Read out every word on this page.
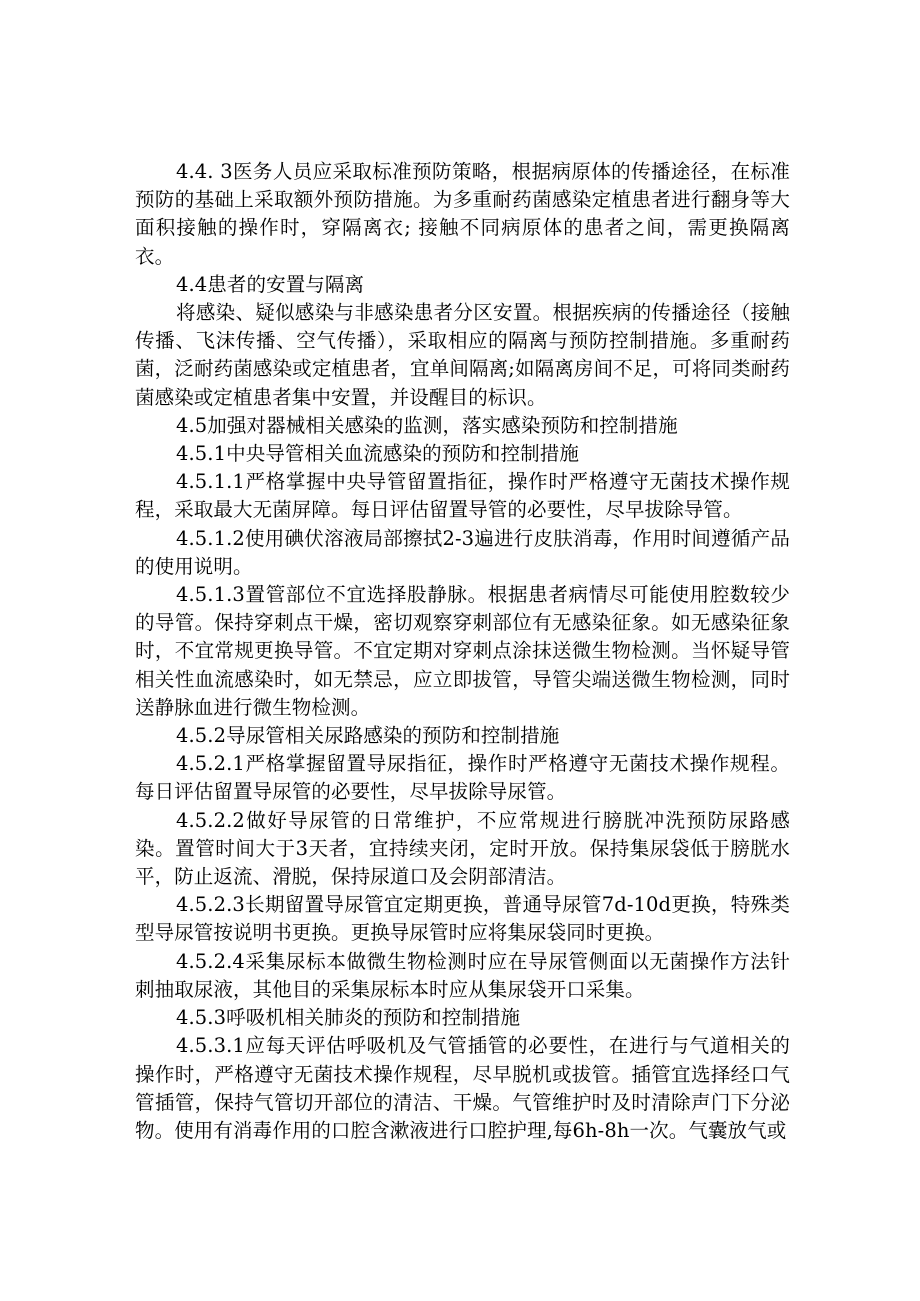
4.4. 3医务人员应采取标准预防策略，根据病原体的传播途径，在标准预防的基础上采取额外预防措施。为多重耐药菌感染定植患者进行翻身等大面积接触的操作时，穿隔离衣; 接触不同病原体的患者之间，需更换隔离衣。

4.4患者的安置与隔离

将感染、疑似感染与非感染患者分区安置。根据疾病的传播途径（接触传播、飞沫传播、空气传播），采取相应的隔离与预防控制措施。多重耐药菌，泛耐药菌感染或定植患者，宜单间隔离;如隔离房间不足，可将同类耐药菌感染或定植患者集中安置，并设醒目的标识。

4.5加强对器械相关感染的监测，落实感染预防和控制措施

4.5.1中央导管相关血流感染的预防和控制措施

4.5.1.1严格掌握中央导管留置指征，操作时严格遵守无菌技术操作规程，采取最大无菌屏障。每日评估留置导管的必要性，尽早拔除导管。

4.5.1.2使用碘伏溶液局部擦拭2-3遍进行皮肤消毒，作用时间遵循产品的使用说明。

4.5.1.3置管部位不宜选择股静脉。根据患者病情尽可能使用腔数较少的导管。保持穿刺点干燥，密切观察穿刺部位有无感染征象。如无感染征象时，不宜常规更换导管。不宜定期对穿刺点涂抹送微生物检测。当怀疑导管相关性血流感染时，如无禁忌，应立即拔管，导管尖端送微生物检测，同时送静脉血进行微生物检测。

4.5.2导尿管相关尿路感染的预防和控制措施

4.5.2.1严格掌握留置导尿指征，操作时严格遵守无菌技术操作规程。每日评估留置导尿管的必要性，尽早拔除导尿管。

4.5.2.2做好导尿管的日常维护，不应常规进行膀胱冲洗预防尿路感染。置管时间大于3天者，宜持续夹闭，定时开放。保持集尿袋低于膀胱水平，防止返流、滑脱，保持尿道口及会阴部清洁。

4.5.2.3长期留置导尿管宜定期更换，普通导尿管7d-10d更换，特殊类型导尿管按说明书更换。更换导尿管时应将集尿袋同时更换。

4.5.2.4采集尿标本做微生物检测时应在导尿管侧面以无菌操作方法针刺抽取尿液，其他目的采集尿标本时应从集尿袋开口采集。

4.5.3呼吸机相关肺炎的预防和控制措施

4.5.3.1应每天评估呼吸机及气管插管的必要性，在进行与气道相关的操作时，严格遵守无菌技术操作规程，尽早脱机或拔管。插管宜选择经口气管插管，保持气管切开部位的清洁、干燥。气管维护时及时清除声门下分泌物。使用有消毒作用的口腔含漱液进行口腔护理,每6h-8h一次。气囊放气或
